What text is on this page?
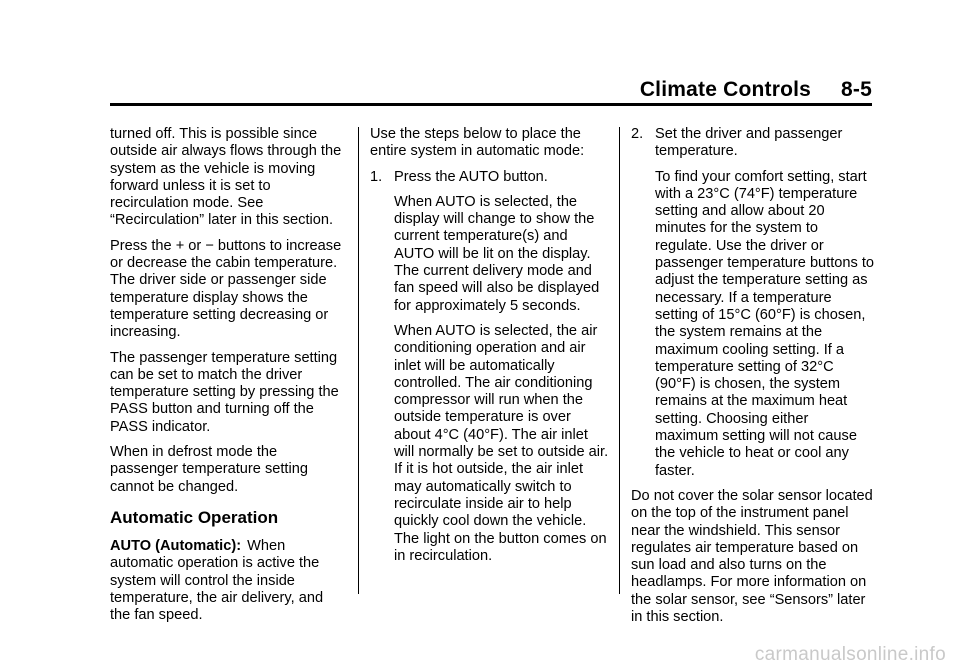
Climate Controls 8-5

turned off. This is possible since outside air always flows through the system as the vehicle is moving forward unless it is set to recirculation mode. See “Recirculation” later in this section.

Press the + or − buttons to increase or decrease the cabin temperature. The driver side or passenger side temperature display shows the temperature setting decreasing or increasing.

The passenger temperature setting can be set to match the driver temperature setting by pressing the PASS button and turning off the PASS indicator.

When in defrost mode the passenger temperature setting cannot be changed.

Automatic Operation

AUTO (Automatic): When automatic operation is active the system will control the inside temperature, the air delivery, and the fan speed.

Use the steps below to place the entire system in automatic mode:

1. Press the AUTO button.

When AUTO is selected, the display will change to show the current temperature(s) and AUTO will be lit on the display. The current delivery mode and fan speed will also be displayed for approximately 5 seconds.

When AUTO is selected, the air conditioning operation and air inlet will be automatically controlled. The air conditioning compressor will run when the outside temperature is over about 4°C (40°F). The air inlet will normally be set to outside air. If it is hot outside, the air inlet may automatically switch to recirculate inside air to help quickly cool down the vehicle. The light on the button comes on in recirculation.

2. Set the driver and passenger temperature.

To find your comfort setting, start with a 23°C (74°F) temperature setting and allow about 20 minutes for the system to regulate. Use the driver or passenger temperature buttons to adjust the temperature setting as necessary. If a temperature setting of 15°C (60°F) is chosen, the system remains at the maximum cooling setting. If a temperature setting of 32°C (90°F) is chosen, the system remains at the maximum heat setting. Choosing either maximum setting will not cause the vehicle to heat or cool any faster.

Do not cover the solar sensor located on the top of the instrument panel near the windshield. This sensor regulates air temperature based on sun load and also turns on the headlamps. For more information on the solar sensor, see “Sensors” later in this section.

carmanualsonline.info
